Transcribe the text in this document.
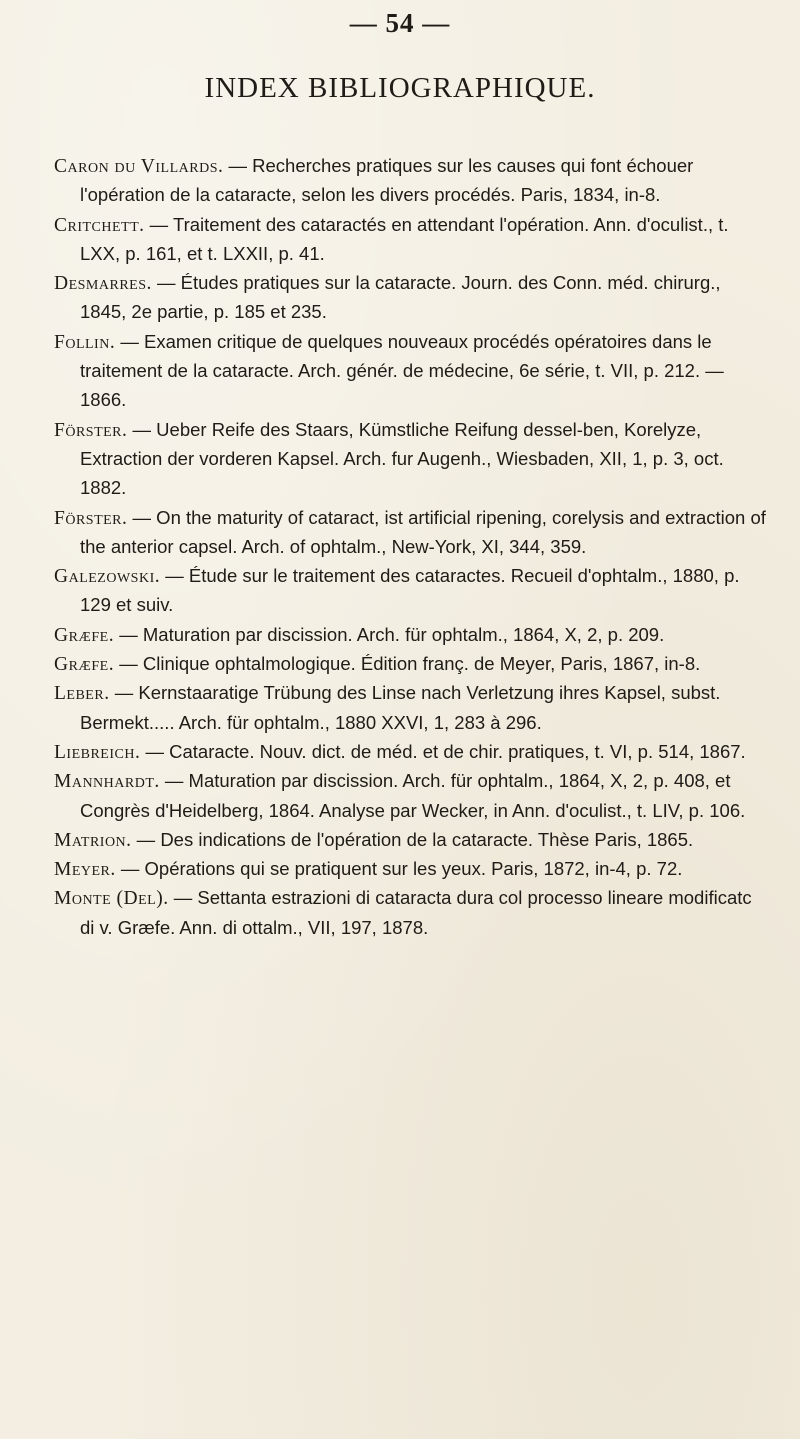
— 54 —
INDEX BIBLIOGRAPHIQUE.

Caron du Villards. — Recherches pratiques sur les causes qui font échouer l'opération de la cataracte, selon les divers procédés. Paris, 1834, in-8.

Critchett. — Traitement des cataractés en attendant l'opération. Ann. d'oculist., t. LXX, p. 161, et t. LXXII, p. 41.

Desmarres. — Études pratiques sur la cataracte. Journ. des Conn. méd. chirurg., 1845, 2e partie, p. 185 et 235.

Follin. — Examen critique de quelques nouveaux procédés opératoires dans le traitement de la cataracte. Arch. génér. de médecine, 6e série, t. VII, p. 212. — 1866.

Förster. — Ueber Reife des Staars, Kümstliche Reifung dessel-ben, Korelyze, Extraction der vorderen Kapsel. Arch. fur Augenh., Wiesbaden, XII, 1, p. 3, oct. 1882.

Förster. — On the maturity of cataract, ist artificial ripening, corelysis and extraction of the anterior capsel. Arch. of ophtalm., New-York, XI, 344, 359.

Galezowski. — Étude sur le traitement des cataractes. Recueil d'ophtalm., 1880, p. 129 et suiv.

Græfe. — Maturation par discission. Arch. für ophtalm., 1864, X, 2, p. 209.

Græfe. — Clinique ophtalmologique. Édition franç. de Meyer, Paris, 1867, in-8.

Leber. — Kernstaaratige Trübung des Linse nach Verletzung ihres Kapsel, subst. Bermekt..... Arch. für ophtalm., 1880 XXVI, 1, 283 à 296.

Liebreich. — Cataracte. Nouv. dict. de méd. et de chir. pratiques, t. VI, p. 514, 1867.

Mannhardt. — Maturation par discission. Arch. für ophtalm., 1864, X, 2, p. 408, et Congrès d'Heidelberg, 1864. Analyse par Wecker, in Ann. d'oculist., t. LIV, p. 106.

Matrion. — Des indications de l'opération de la cataracte. Thèse Paris, 1865.

Meyer. — Opérations qui se pratiquent sur les yeux. Paris, 1872, in-4, p. 72.

Monte (Del). — Settanta estrazioni di cataracta dura col processo lineare modificatc di v. Græfe. Ann. di ottalm., VII, 197, 1878.
